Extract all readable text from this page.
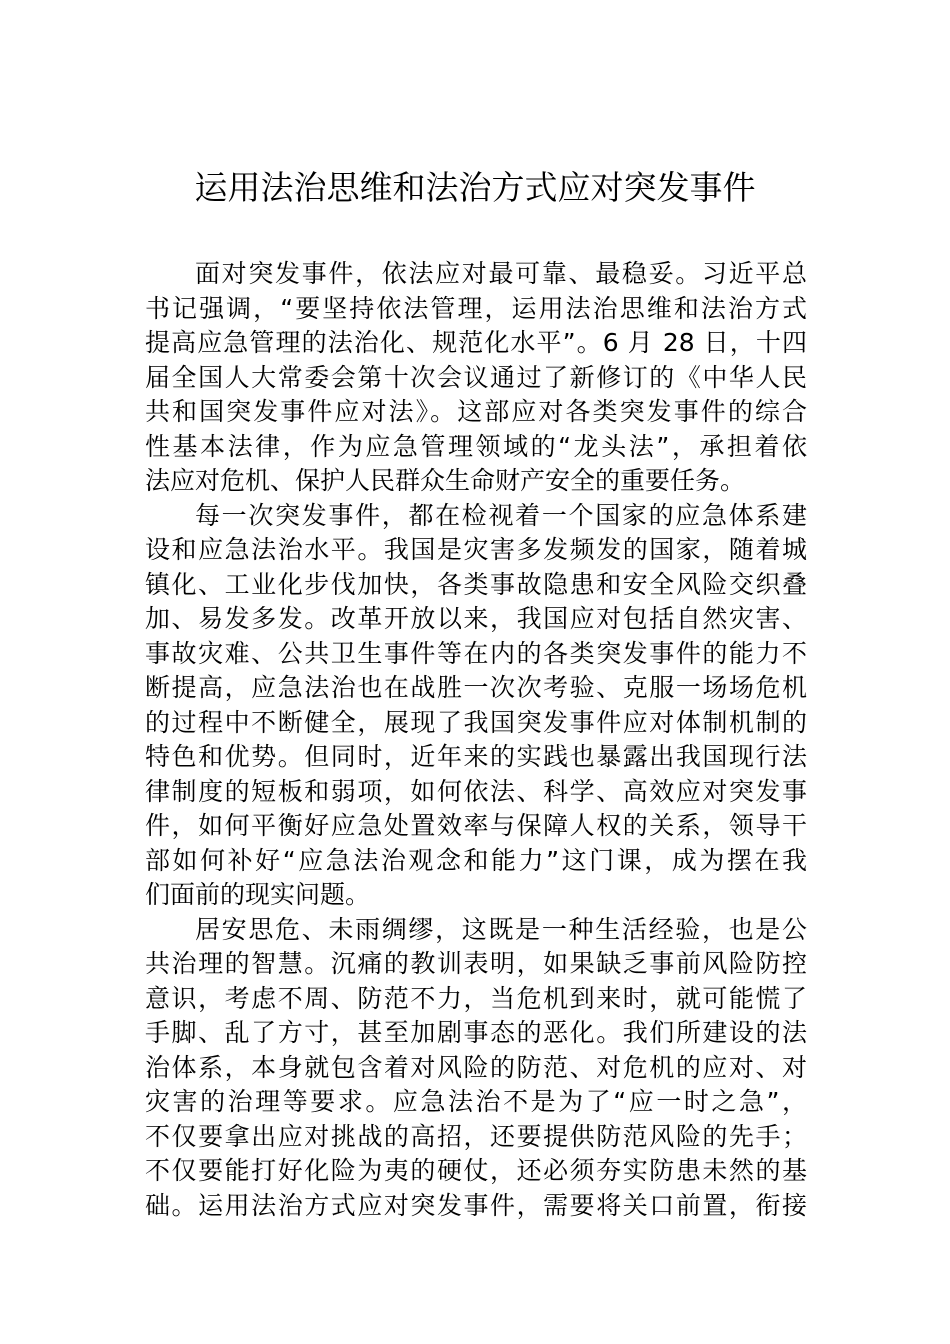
运用法治思维和法治方式应对突发事件
面对突发事件，依法应对最可靠、最稳妥。习近平总
书记强调，“要坚持依法管理，运用法治思维和法治方式
提高应急管理的法治化、规范化水平”。6 月 28 日，十四
届全国人大常委会第十次会议通过了新修订的《中华人民
共和国突发事件应对法》。这部应对各类突发事件的综合
性基本法律，作为应急管理领域的“龙头法”，承担着依
法应对危机、保护人民群众生命财产安全的重要任务。
每一次突发事件，都在检视着一个国家的应急体系建
设和应急法治水平。我国是灾害多发频发的国家，随着城
镇化、工业化步伐加快，各类事故隐患和安全风险交织叠
加、易发多发。改革开放以来，我国应对包括自然灾害、
事故灾难、公共卫生事件等在内的各类突发事件的能力不
断提高，应急法治也在战胜一次次考验、克服一场场危机
的过程中不断健全，展现了我国突发事件应对体制机制的
特色和优势。但同时，近年来的实践也暴露出我国现行法
律制度的短板和弱项，如何依法、科学、高效应对突发事
件，如何平衡好应急处置效率与保障人权的关系，领导干
部如何补好“应急法治观念和能力”这门课，成为摆在我
们面前的现实问题。
居安思危、未雨绸缪，这既是一种生活经验，也是公
共治理的智慧。沉痛的教训表明，如果缺乏事前风险防控
意识，考虑不周、防范不力，当危机到来时，就可能慌了
手脚、乱了方寸，甚至加剧事态的恶化。我们所建设的法
治体系，本身就包含着对风险的防范、对危机的应对、对
灾害的治理等要求。应急法治不是为了“应一时之急”，
不仅要拿出应对挑战的高招，还要提供防范风险的先手；
不仅要能打好化险为夷的硬仗，还必须夯实防患未然的基
础。运用法治方式应对突发事件，需要将关口前置，衔接
